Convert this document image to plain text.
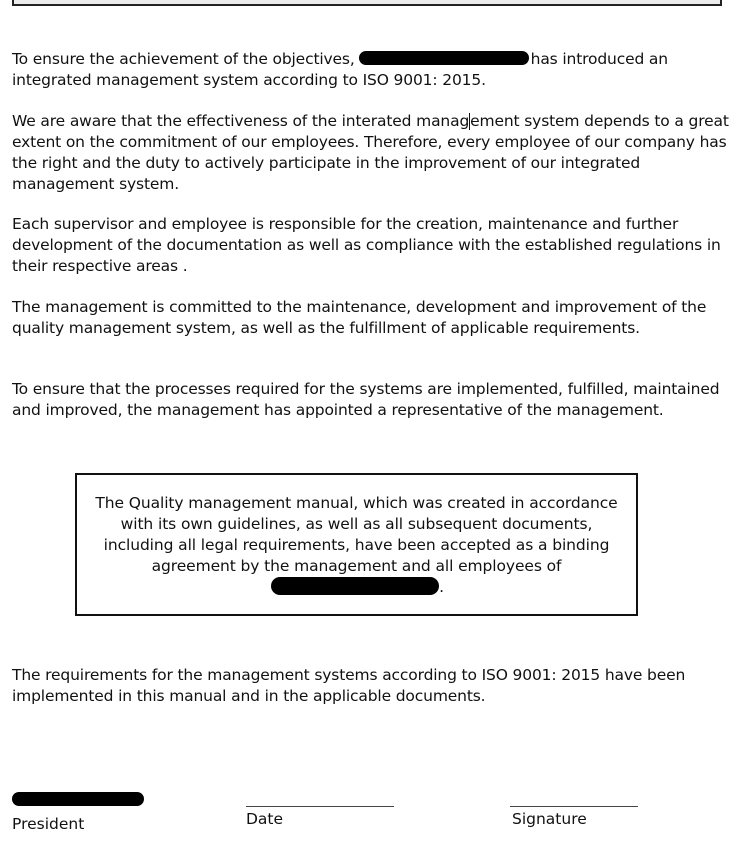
To ensure the achievement of the objectives,	has introduced an integrated management system according to ISO 9001: 2015.

We are aware that the effectiveness of the interated management system depends to a great extent on the commitment of our employees. Therefore, every employee of our company has the right and the duty to actively participate in the improvement of our integrated management system.

Each supervisor and employee is responsible for the creation, maintenance and further development of the documentation as well as compliance with the established regulations in their respective areas .

The management is committed to the maintenance, development and improvement of the quality management system, as well as the fulfillment of applicable requirements.

To ensure that the processes required for the systems are implemented, fulfilled, maintained and improved, the management has appointed a representative of the management.

The Quality management manual, which was created in accordance with its own guidelines, as well as all subsequent documents, including all legal requirements, have been accepted as a binding agreement by the management and all employees of.

The requirements for the management systems according to ISO 9001: 2015 have been implemented in this manual and in the applicable documents.

President	Date	Signature
